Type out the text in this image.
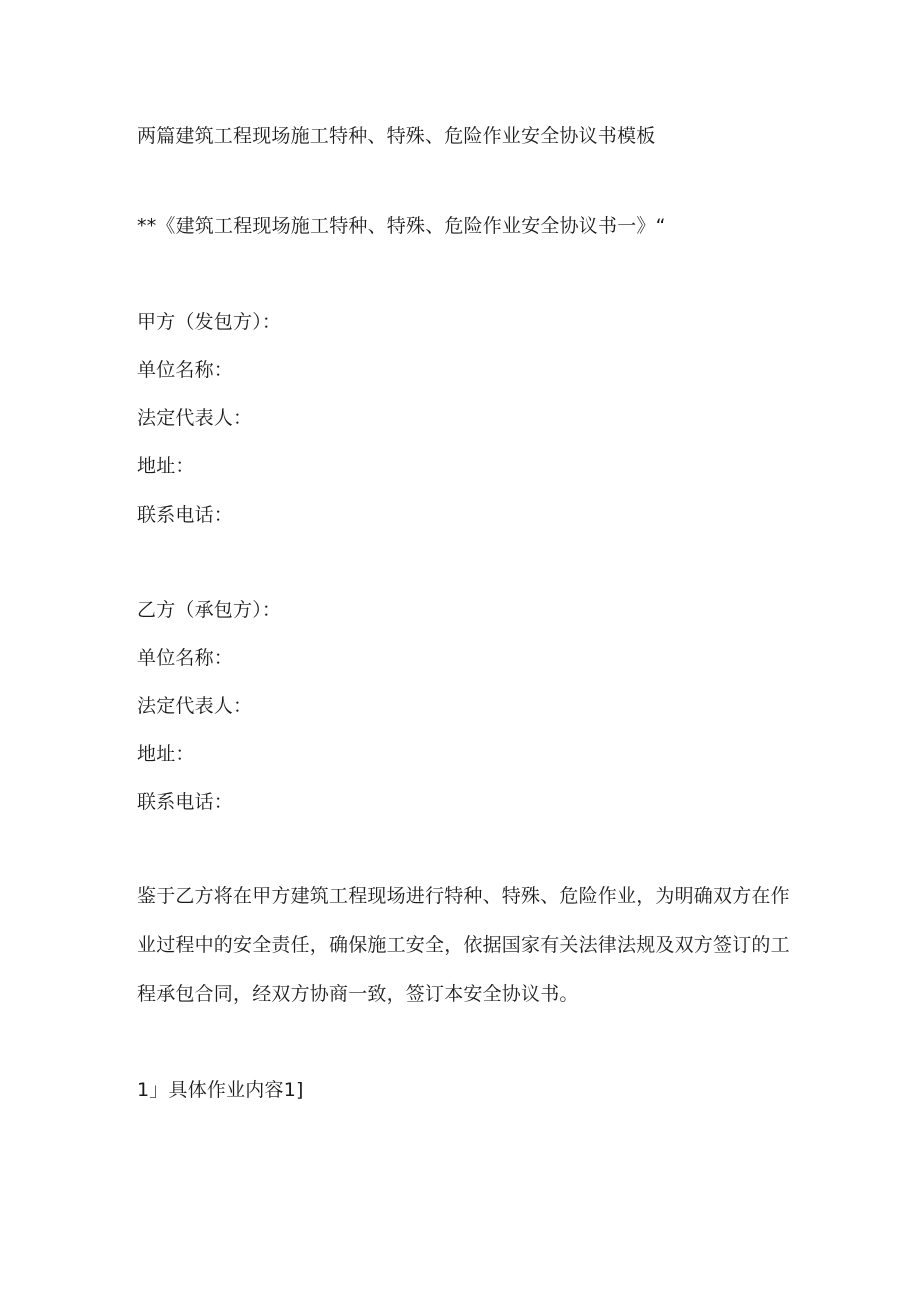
两篇建筑工程现场施工特种、特殊、危险作业安全协议书模板
**《建筑工程现场施工特种、特殊、危险作业安全协议书一》“
甲方（发包方）：
单位名称：
法定代表人：
地址：
联系电话：
乙方（承包方）：
单位名称：
法定代表人：
地址：
联系电话：
鉴于乙方将在甲方建筑工程现场进行特种、特殊、危险作业，为明确双方在作业过程中的安全责任，确保施工安全，依据国家有关法律法规及双方签订的工程承包合同，经双方协商一致，签订本安全协议书。
1」具体作业内容1]
